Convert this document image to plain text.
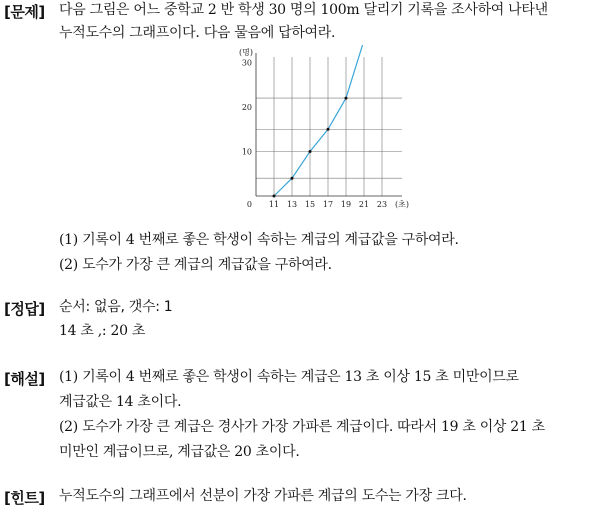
[문제] 다음 그림은 어느 중학교 2 반 학생 30 명의 100m 달리기 기록을 조사하여 나타낸
누적도수의 그래프이다. 다음 물음에 답하여라.
11 13 15 17 19 21 23
10
20
30
0
(명)
(초)
(1) 기록이 4 번째로 좋은 학생이 속하는 계급의 계급값을 구하여라.
(2) 도수가 가장 큰 계급의 계급값을 구하여라.
[정답] 순서: 없음, 갯수: 1
14 초 ,: 20 초
[해설] (1) 기록이 4 번째로 좋은 학생이 속하는 계급은 13 초 이상 15 초 미만이므로
계급값은 14 초이다.
(2) 도수가 가장 큰 계급은 경사가 가장 가파른 계급이다. 따라서 19 초 이상 21 초
미만인 계급이므로, 계급값은 20 초이다.
[힌트] 누적도수의 그래프에서 선분이 가장 가파른 계급의 도수는 가장 크다.
